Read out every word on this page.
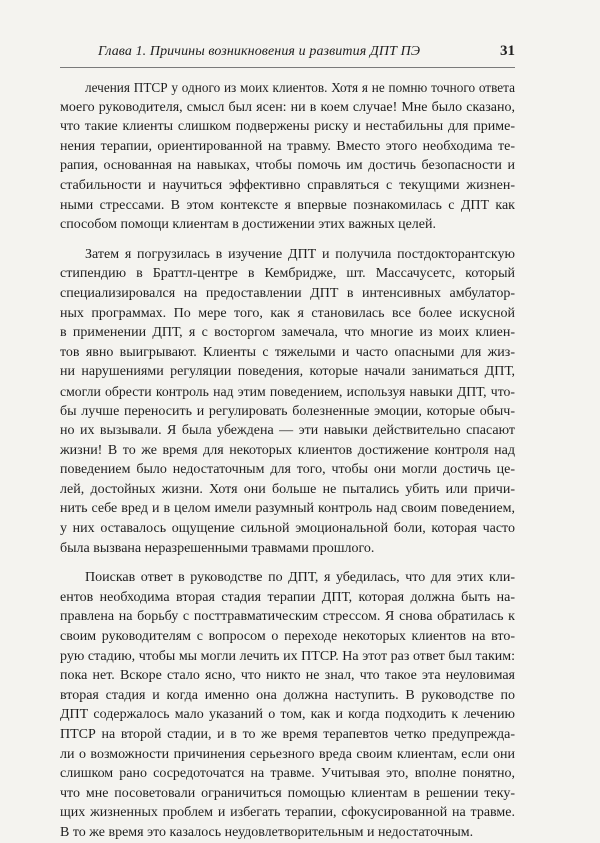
Глава 1. Причины возникновения и развития ДПТ ПЭ	31
лечения ПТСР у одного из моих клиентов. Хотя я не помню точного ответа
моего руководителя, смысл был ясен: ни в коем случае! Мне было сказано,
что такие клиенты слишком подвержены риску и нестабильны для приме-
нения терапии, ориентированной на травму. Вместо этого необходима те-
рапия, основанная на навыках, чтобы помочь им достичь безопасности и
стабильности и научиться эффективно справляться с текущими жизнен-
ными стрессами. В этом контексте я впервые познакомилась с ДПТ как
способом помощи клиентам в достижении этих важных целей.
Затем я погрузилась в изучение ДПТ и получила постдокторантскую
стипендию в Браттл-центре в Кембридже, шт. Массачусетс, который
специализировался на предоставлении ДПТ в интенсивных амбулатор-
ных программах. По мере того, как я становилась все более искусной
в применении ДПТ, я с восторгом замечала, что многие из моих клиен-
тов явно выигрывают. Клиенты с тяжелыми и часто опасными для жиз-
ни нарушениями регуляции поведения, которые начали заниматься ДПТ,
смогли обрести контроль над этим поведением, используя навыки ДПТ, что-
бы лучше переносить и регулировать болезненные эмоции, которые обыч-
но их вызывали. Я была убеждена — эти навыки действительно спасают
жизни! В то же время для некоторых клиентов достижение контроля над
поведением было недостаточным для того, чтобы они могли достичь це-
лей, достойных жизни. Хотя они больше не пытались убить или причи-
нить себе вред и в целом имели разумный контроль над своим поведением,
у них оставалось ощущение сильной эмоциональной боли, которая часто
была вызвана неразрешенными травмами прошлого.
Поискав ответ в руководстве по ДПТ, я убедилась, что для этих кли-
ентов необходима вторая стадия терапии ДПТ, которая должна быть на-
правлена на борьбу с посттравматическим стрессом. Я снова обратилась к
своим руководителям с вопросом о переходе некоторых клиентов на вто-
рую стадию, чтобы мы могли лечить их ПТСР. На этот раз ответ был таким:
пока нет. Вскоре стало ясно, что никто не знал, что такое эта неуловимая
вторая стадия и когда именно она должна наступить. В руководстве по
ДПТ содержалось мало указаний о том, как и когда подходить к лечению
ПТСР на второй стадии, и в то же время терапевтов четко предупрежда-
ли о возможности причинения серьезного вреда своим клиентам, если они
слишком рано сосредоточатся на травме. Учитывая это, вполне понятно,
что мне посоветовали ограничиться помощью клиентам в решении теку-
щих жизненных проблем и избегать терапии, сфокусированной на травме.
В то же время это казалось неудовлетворительным и недостаточным.
